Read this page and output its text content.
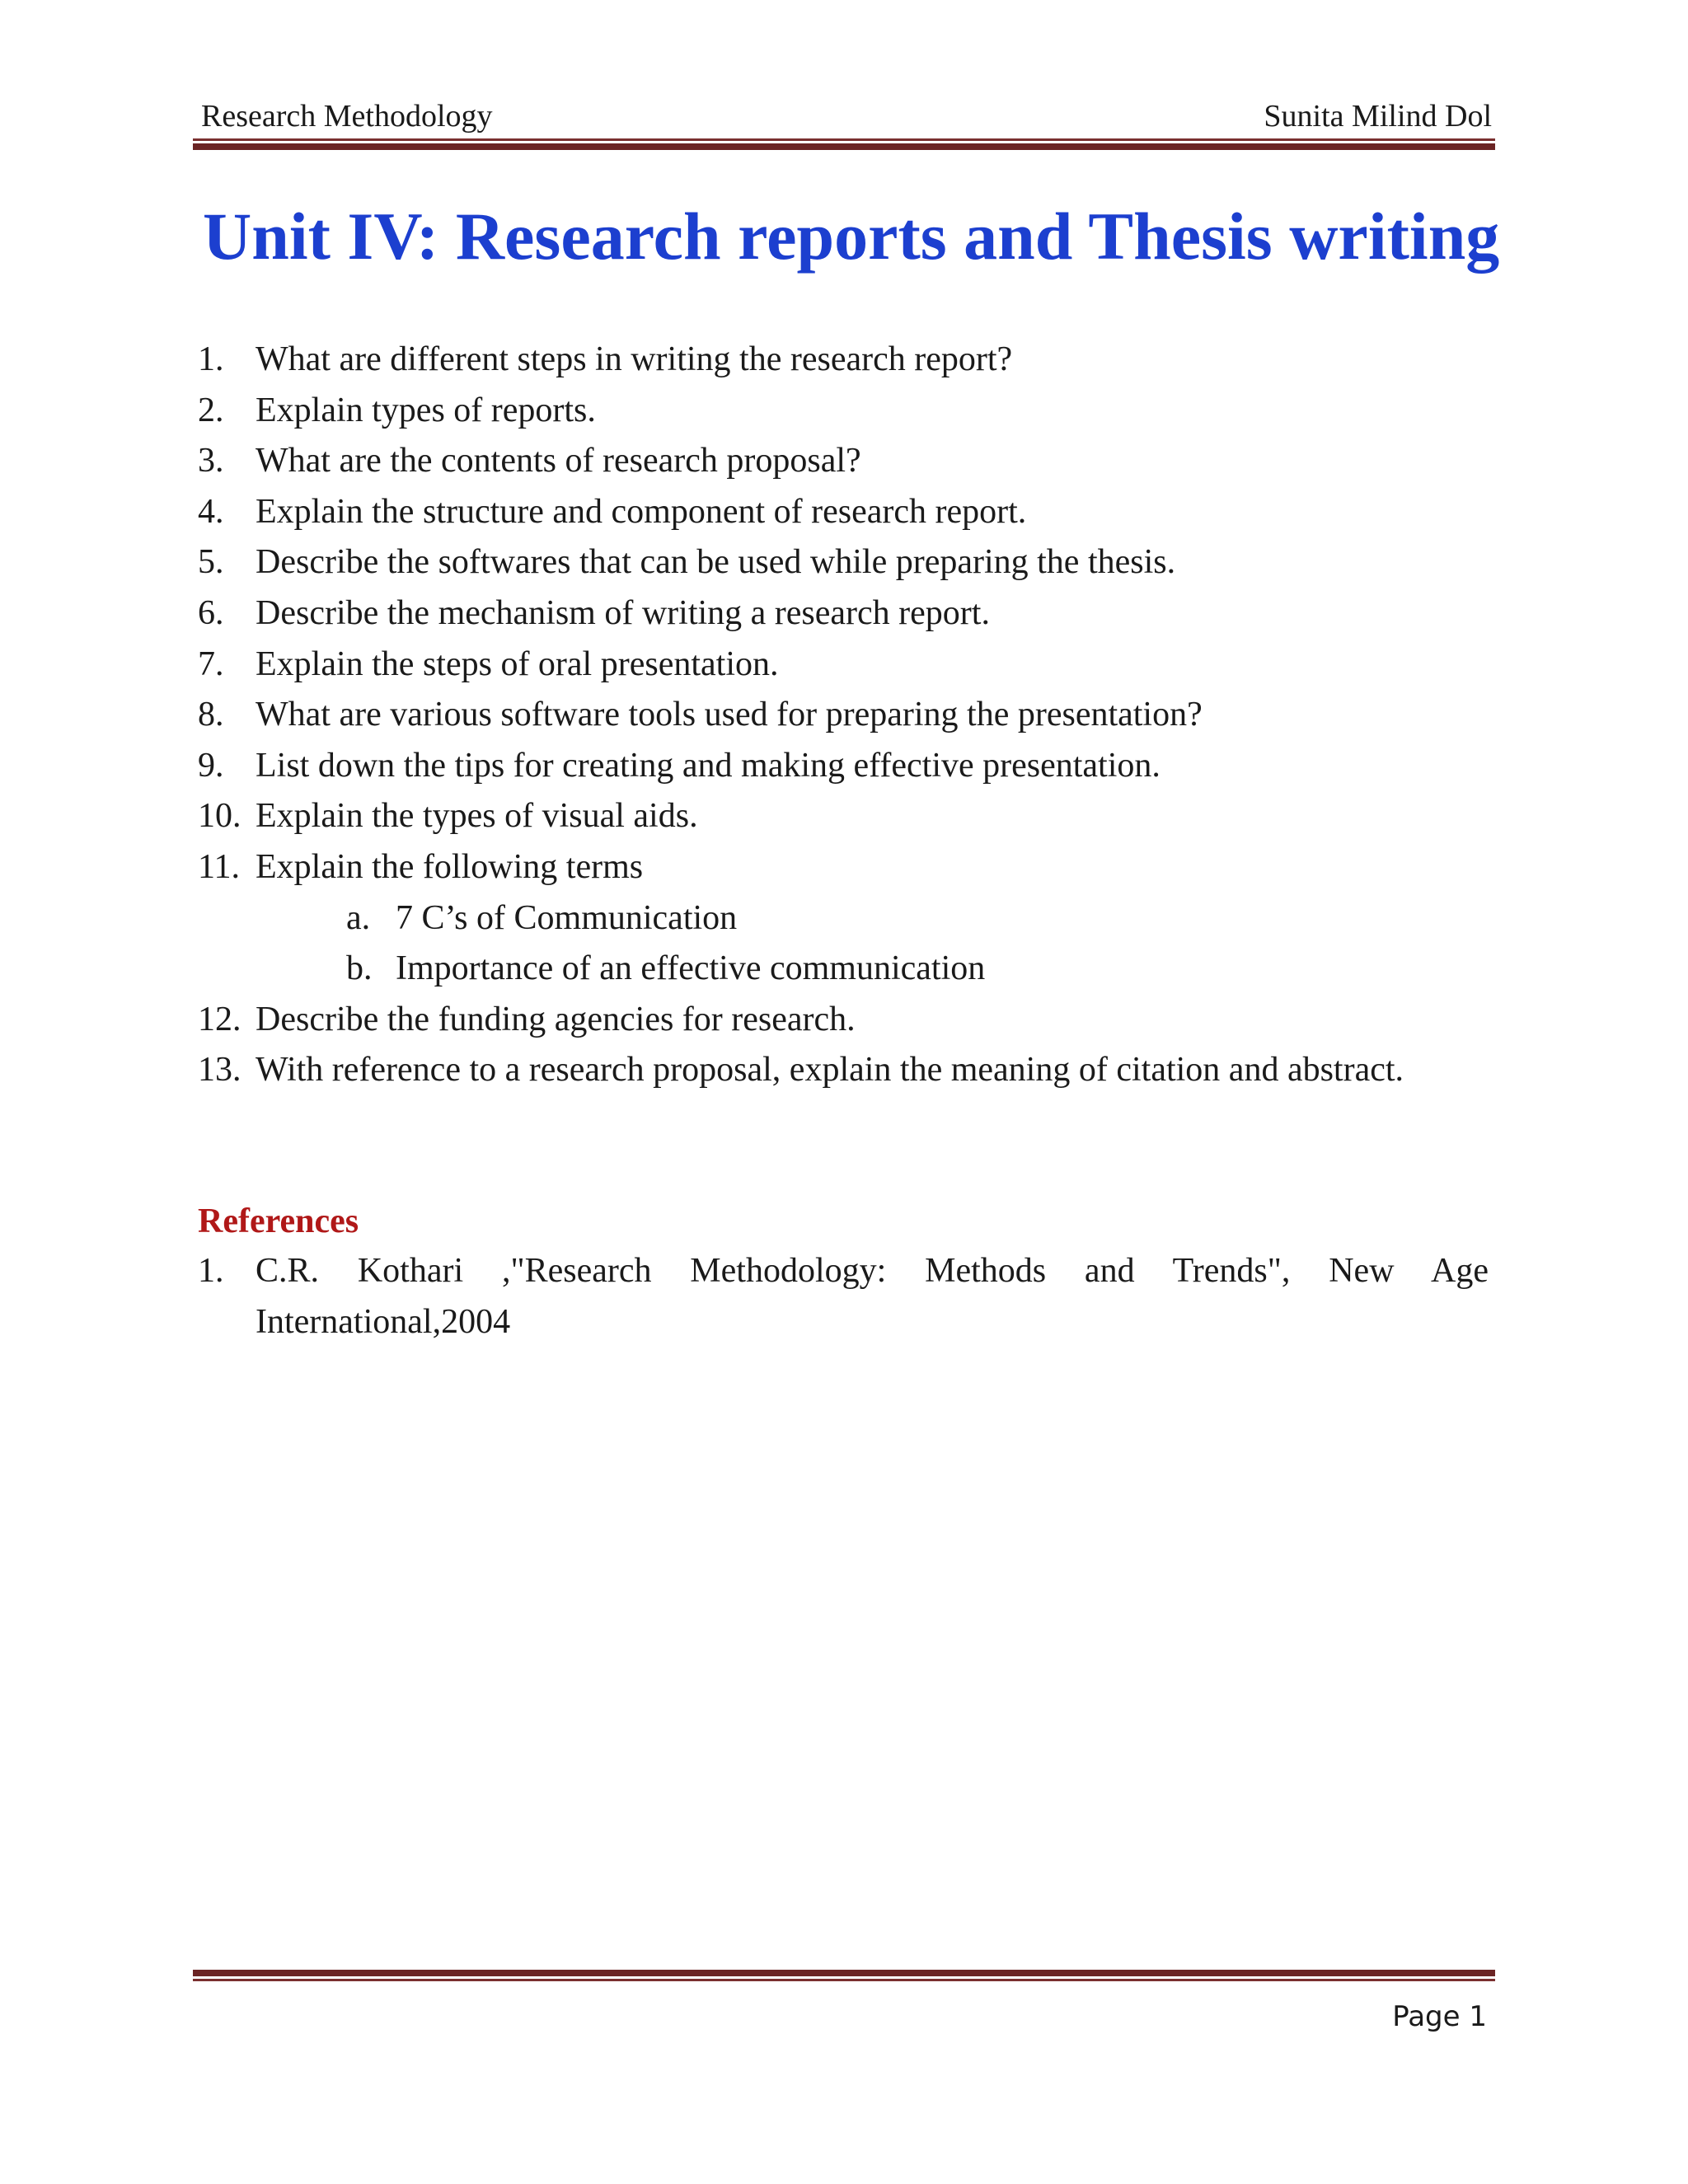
Research Methodology	Sunita Milind Dol
Unit IV: Research reports and Thesis writing
1. What are different steps in writing the research report?
2. Explain types of reports.
3. What are the contents of research proposal?
4. Explain the structure and component of research report.
5. Describe the softwares that can be used while preparing the thesis.
6. Describe the mechanism of writing a research report.
7. Explain the steps of oral presentation.
8. What are various software tools used for preparing the presentation?
9. List down the tips for creating and making effective presentation.
10. Explain the types of visual aids.
11. Explain the following terms
a. 7 C’s of Communication
b. Importance of an effective communication
12. Describe the funding agencies for research.
13. With reference to a research proposal, explain the meaning of citation and abstract.
References
1. C.R. Kothari ,"Research Methodology: Methods and Trends", New Age International,2004
Page 1
